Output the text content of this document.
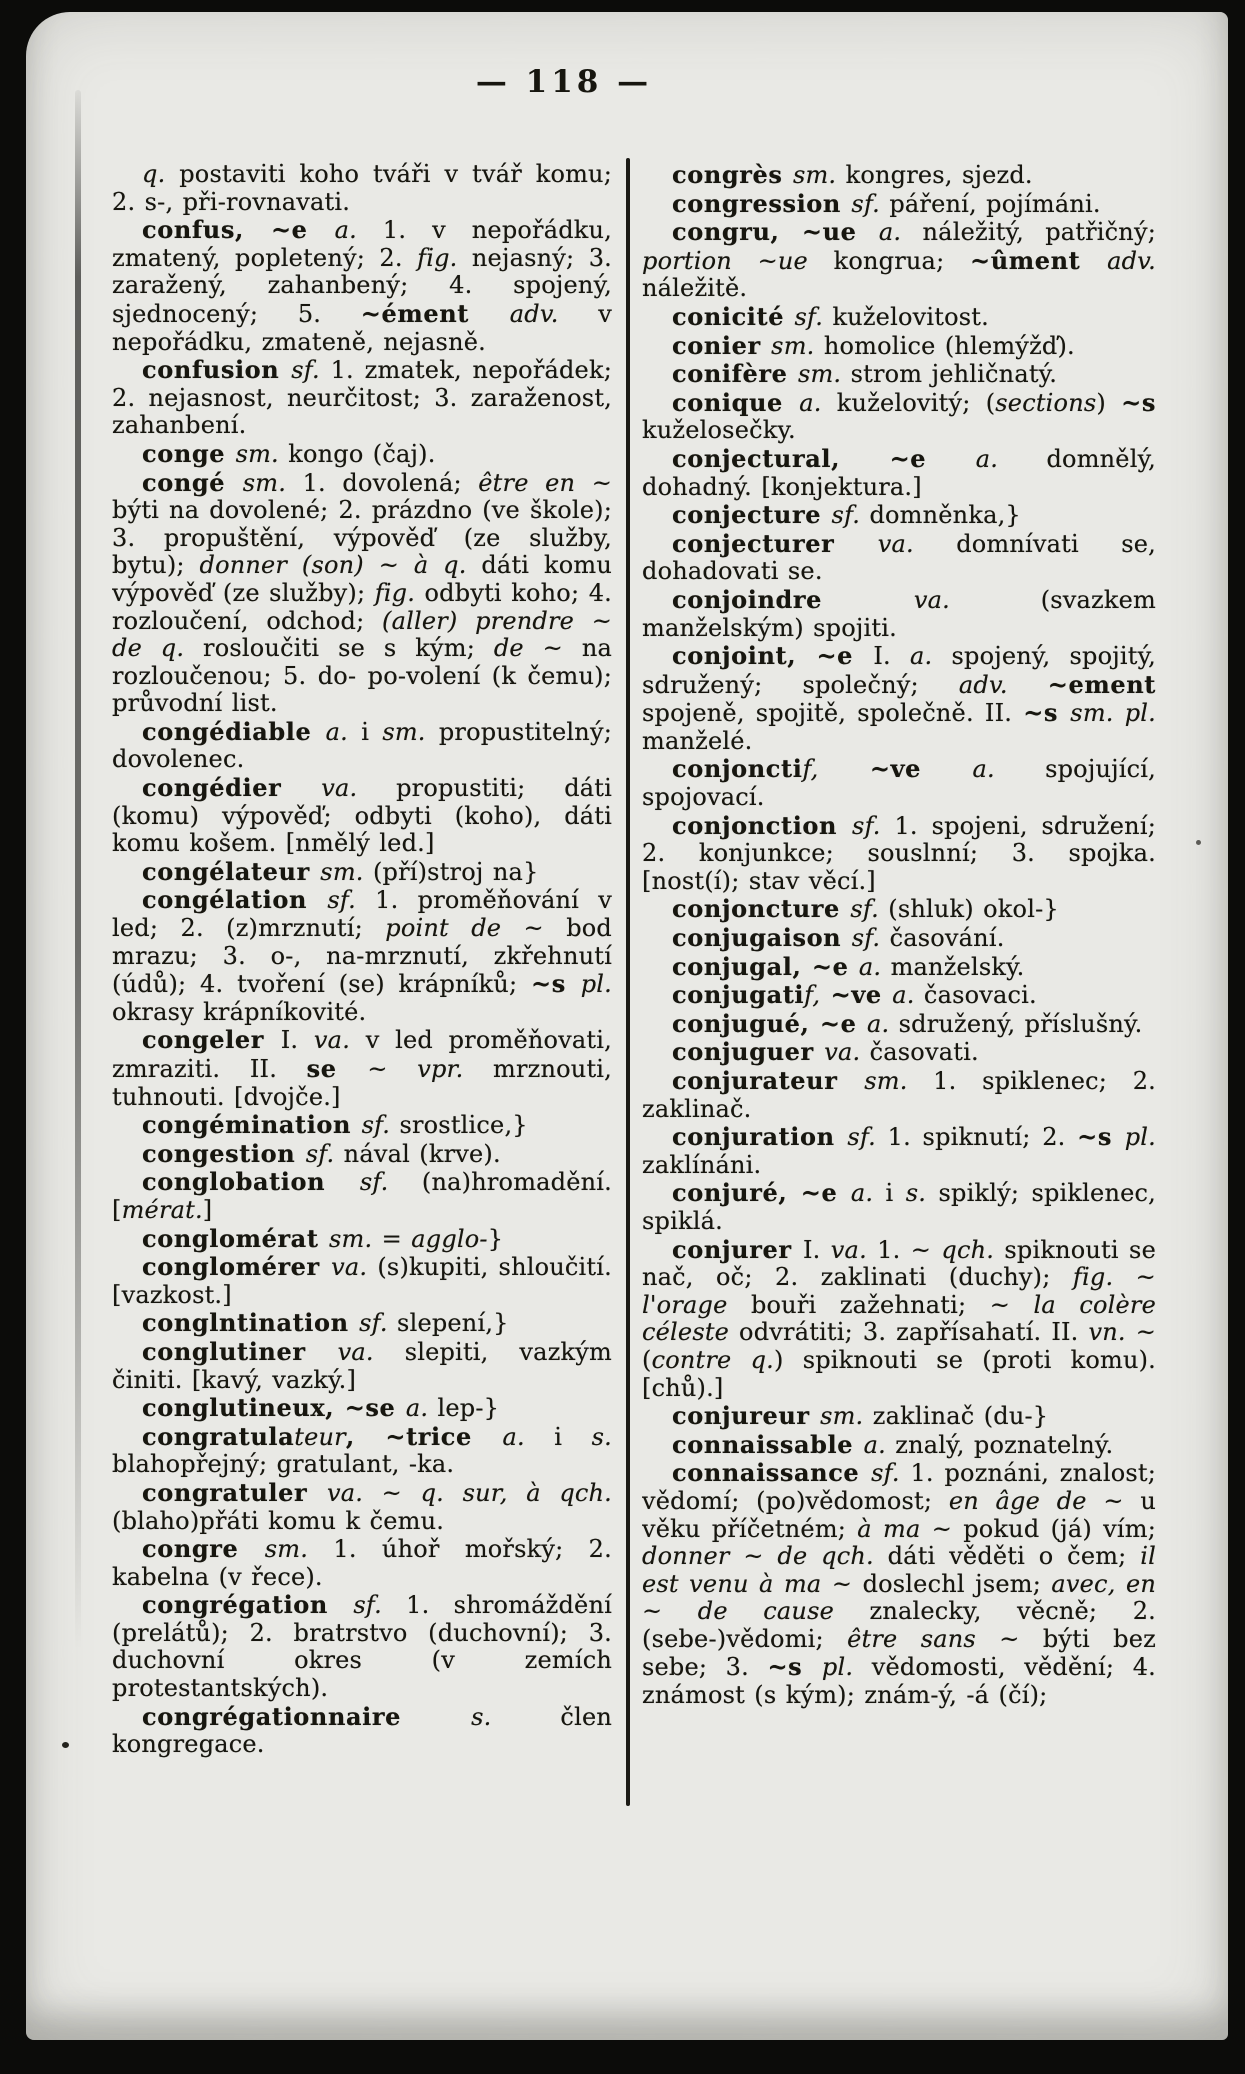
— 118 —

q. postaviti koho tváři v tvář komu; 2. s-, při-rovnavati.

confus, ~e a. 1. v nepořádku, zmatený, popletený; 2. fig. nejasný; 3. zaražený, zahanbený; 4. spojený, sjednocený; 5. ~ément adv. v nepořádku, zmateně, nejasně.

confusion sf. 1. zmatek, nepořádek; 2. nejasnost, neurčitost; 3. zaraženost, zahanbení.

conge sm. kongo (čaj).

congé sm. 1. dovolená; être en ~ býti na dovolené; 2. prázdno (ve škole); 3. propuštění, výpověď (ze služby, bytu); donner (son) ~ à q. dáti komu výpověď (ze služby); fig. odbyti koho; 4. rozloučení, odchod; (aller) prendre ~ de q. rosloučiti se s kým; de ~ na rozloučenou; 5. do- po-volení (k čemu); průvodní list.

congédiable a. i sm. propustitelný; dovolenec.

congédier va. propustiti; dáti (komu) výpověď; odbyti (koho), dáti komu košem. [nmělý led.]

congélateur sm. (pří)stroj na}

congélation sf. 1. proměňování v led; 2. (z)mrznutí; point de ~ bod mrazu; 3. o-, na-mrznutí, zkřehnutí (údů); 4. tvoření (se) krápníků; ~s pl. okrasy krápníkovité.

congeler I. va. v led proměňovati, zmraziti. II. se ~ vpr. mrznouti, tuhnouti. [dvojče.]

congémination sf. srostlice,}

congestion sf. nával (krve).

conglobation sf. (na)hromadění. [mérat.]

conglomérat sm. = agglo-}

conglomérer va. (s)kupiti, shloučití. [vazkost.]

conglntination sf. slepení,}

conglutiner va. slepiti, vazkým činiti. [kavý, vazký.]

conglutineux, ~se a. lep-}

congratulateur, ~trice a. i s. blahopřejný; gratulant, -ka.

congratuler va. ~ q. sur, à qch. (blaho)přáti komu k čemu.

congre sm. 1. úhoř mořský; 2. kabelna (v řece).

congrégation sf. 1. shromáždění (prelátů); 2. bratrstvo (duchovní); 3. duchovní okres (v zemích protestantských).

congrégationnaire s. člen kongregace.

congrès sm. kongres, sjezd.

congression sf. páření, pojímáni.

congru, ~ue a. náležitý, patřičný; portion ~ue kongrua; ~ûment adv. náležitě.

conicité sf. kuželovitost.

conier sm. homolice (hlemýžď).

conifère sm. strom jehličnatý.

conique a. kuželovitý; (sections) ~s kuželosečky.

conjectural, ~e a. domnělý, dohadný. [konjektura.]

conjecture sf. domněnka,}

conjecturer va. domnívati se, dohadovati se.

conjoindre va. (svazkem manželským) spojiti.

conjoint, ~e I. a. spojený, spojitý, sdružený; společný; adv. ~ement spojeně, spojitě, společně. II. ~s sm. pl. manželé.

conjonctif, ~ve a. spojující, spojovací.

conjonction sf. 1. spojeni, sdružení; 2. konjunkce; souslnní; 3. spojka. [nost(í); stav věcí.]

conjoncture sf. (shluk) okol-}

conjugaison sf. časování.

conjugal, ~e a. manželský.

conjugatif, ~ve a. časovaci.

conjugué, ~e a. sdružený, příslušný.

conjuguer va. časovati.

conjurateur sm. 1. spiklenec; 2. zaklinač.

conjuration sf. 1. spiknutí; 2. ~s pl. zaklínáni.

conjuré, ~e a. i s. spiklý; spiklenec, spiklá.

conjurer I. va. 1. ~ qch. spiknouti se nač, oč; 2. zaklinati (duchy); fig. ~ l'orage bouři zažehnati; ~ la colère céleste odvrátiti; 3. zapřísahatí. II. vn. ~ (contre q.) spiknouti se (proti komu). [chů).]

conjureur sm. zaklinač (du-}

connaissable a. znalý, poznatelný.

connaissance sf. 1. poznáni, znalost; vědomí; (po)vědomost; en âge de ~ u věku příčetném; à ma ~ pokud (já) vím; donner ~ de qch. dáti věděti o čem; il est venu à ma ~ doslechl jsem; avec, en ~ de cause znalecky, věcně; 2. (sebe-)vědomi; être sans ~ býti bez sebe; 3. ~s pl. vědomosti, vědění; 4. známost (s kým); znám-ý, -á (čí);
